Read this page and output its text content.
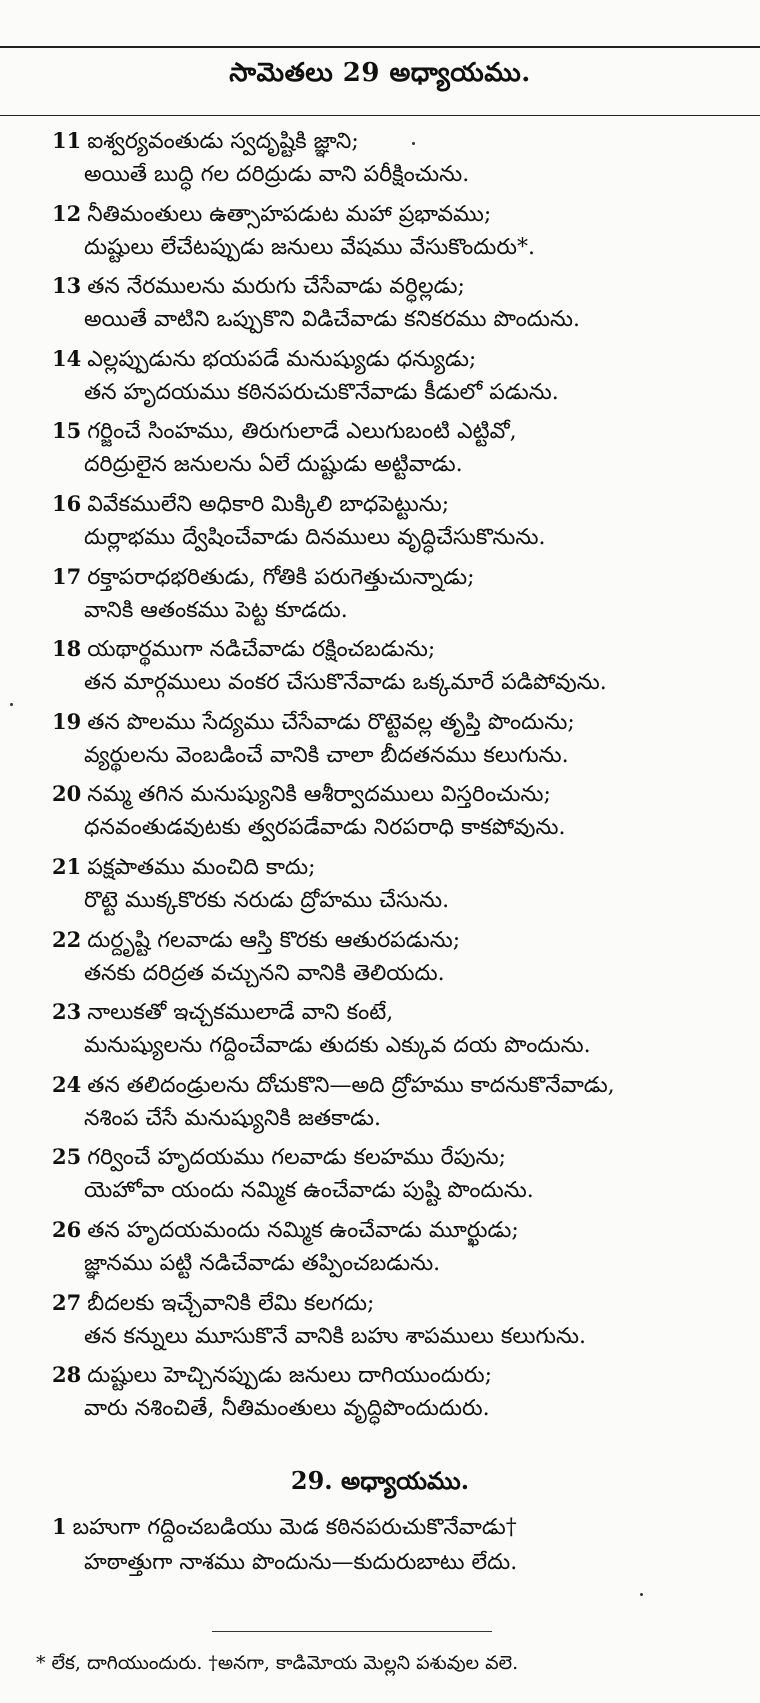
సామెతలు 29 అధ్యాయము.
11 ఐశ్వర్యవంతుడు స్వదృష్టికి జ్ఞాని;
అయితే బుద్ధి గల దరిద్రుడు వాని పరీక్షించును.
12 నీతిమంతులు ఉత్సాహపడుట మహా ప్రభావము;
దుష్టులు లేచేటప్పుడు జనులు వేషము వేసుకొందురు*.
13 తన నేరములను మరుగు చేసేవాడు వర్ధిల్లడు;
అయితే వాటిని ఒప్పుకొని విడిచేవాడు కనికరము పొందును.
14 ఎల్లప్పుడును భయపడే మనుష్యుడు ధన్యుడు;
తన హృదయము కఠినపరుచుకొనేవాడు కీడులో పడును.
15 గర్జించే సింహము, తిరుగులాడే ఎలుగుబంటి ఎట్టివో,
దరిద్రులైన జనులను ఏలే దుష్టుడు అట్టివాడు.
16 వివేకములేని అధికారి మిక్కిలి బాధపెట్టును;
దుర్లాభము ద్వేషించేవాడు దినములు వృద్ధిచేసుకొనును.
17 రక్తాపరాధభరితుడు, గోతికి పరుగెత్తుచున్నాడు;
వానికి ఆతంకము పెట్ట కూడదు.
18 యథార్థముగా నడిచేవాడు రక్షించబడును;
తన మార్గములు వంకర చేసుకొనేవాడు ఒక్కమారే పడిపోవును.
19 తన పొలము సేద్యము చేసేవాడు రొట్టెవల్ల తృప్తి పొందును;
వ్యర్థులను వెంబడించే వానికి చాలా బీదతనము కలుగును.
20 నమ్మ తగిన మనుష్యునికి ఆశీర్వాదములు విస్తరించును;
ధనవంతుడవుటకు త్వరపడేవాడు నిరపరాధి కాకపోవును.
21 పక్షపాతము మంచిది కాదు;
రొట్టె ముక్కకొరకు నరుడు ద్రోహము చేసును.
22 దుర్దృష్టి గలవాడు ఆస్తి కొరకు ఆతురపడును;
తనకు దరిద్రత వచ్చునని వానికి తెలియదు.
23 నాలుకతో ఇచ్చకములాడే వాని కంటే,
మనుష్యులను గద్దించేవాడు తుదకు ఎక్కువ దయ పొందును.
24 తన తలిదండ్రులను దోచుకొని—అది ద్రోహము కాదనుకొనేవాడు,
నశింప చేసే మనుష్యునికి జతకాడు.
25 గర్వించే హృదయము గలవాడు కలహము రేపును;
యెహోవా యందు నమ్మిక ఉంచేవాడు పుష్టి పొందును.
26 తన హృదయమందు నమ్మిక ఉంచేవాడు మూర్ఖుడు;
జ్ఞానము పట్టి నడిచేవాడు తప్పించబడును.
27 బీదలకు ఇచ్చేవానికి లేమి కలగదు;
తన కన్నులు మూసుకొనే వానికి బహు శాపములు కలుగును.
28 దుష్టులు హెచ్చినప్పుడు జనులు దాగియుందురు;
వారు నశించితే, నీతిమంతులు వృద్ధిపొందుదురు.
29. అధ్యాయము.
1 బహుగా గద్దించబడియు మెడ కఠినపరుచుకొనేవాడు†
హఠాత్తుగా నాశము పొందును—కుదురుబాటు లేదు.
* లేక, దాగియుందురు. †అనగా, కాడిమోయ మెల్లని పశువుల వలె.
